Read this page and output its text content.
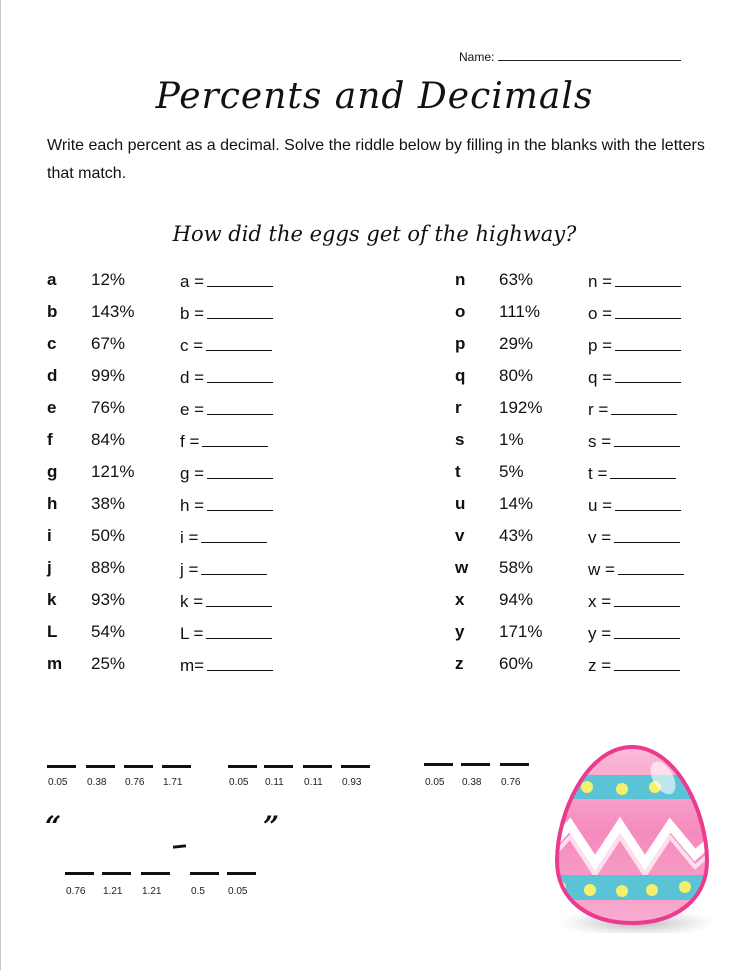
Name:
Percents and Decimals
Write each percent as a decimal. Solve the riddle below by filling in the blanks with the letters that match.
How did the eggs get of the highway?
a 12%	a =
b 143%	b =
c 67%	c =
d 99%	d =
e 76%	e =
f 84%	f =
g 121%	g =
h 38%	h =
i 50%	i =
j 88%	j =
k 93%	k =
L 54%	L =
m 25%	m=
n 63%	n =
o 111%	o =
p 29%	p =
q 80%	q =
r 192%	r =
s 1%	s =
t 5%	t =
u 14%	u =
v 43%	v =
w 58%	w =
x 94%	x =
y 171%	y =
z 60%	z =
0.05 0.38 0.76 1.71	0.05 0.11 0.11 0.93	0.05 0.38 0.76
0.76 1.21 1.21	0.5 0.05
“	”
